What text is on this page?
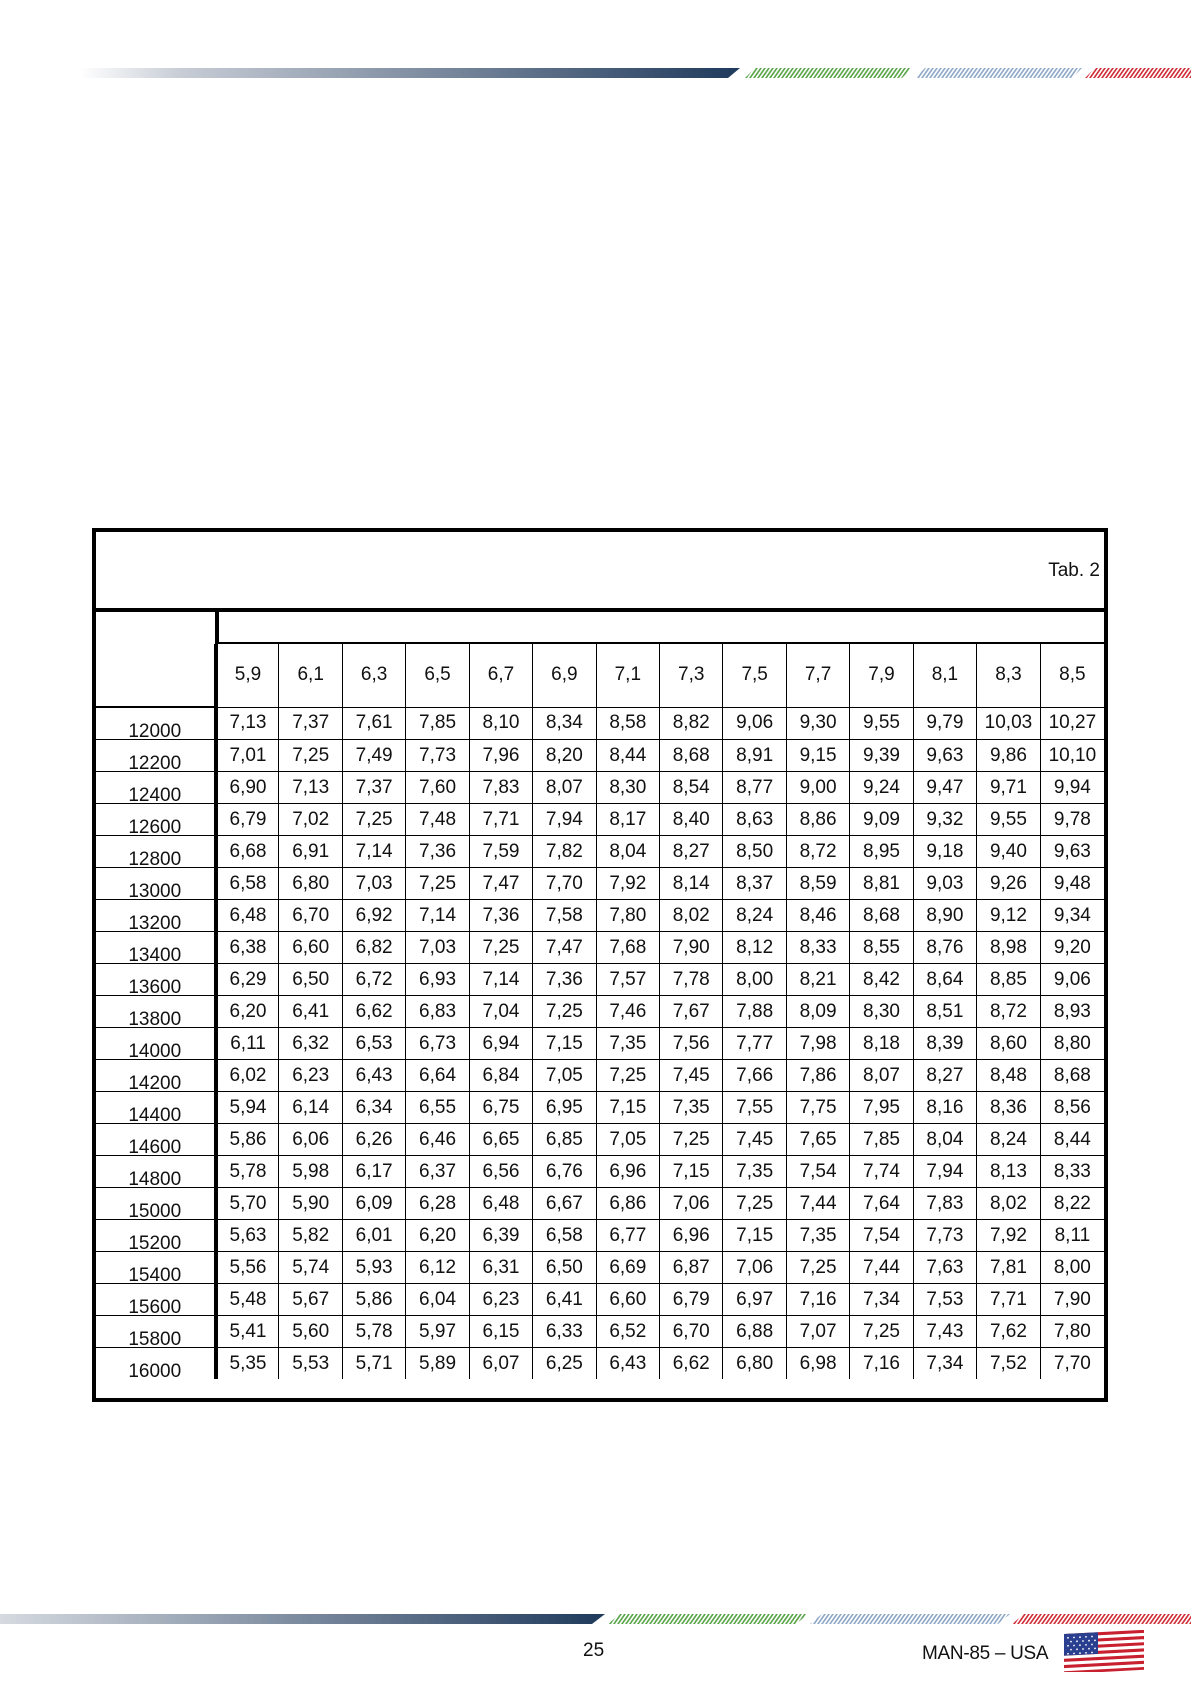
Tab. 2
	5,9	6,1	6,3	6,5	6,7	6,9	7,1	7,3	7,5	7,7	7,9	8,1	8,3	8,5
12000	7,13	7,37	7,61	7,85	8,10	8,34	8,58	8,82	9,06	9,30	9,55	9,79	10,03	10,27
12200	7,01	7,25	7,49	7,73	7,96	8,20	8,44	8,68	8,91	9,15	9,39	9,63	9,86	10,10
12400	6,90	7,13	7,37	7,60	7,83	8,07	8,30	8,54	8,77	9,00	9,24	9,47	9,71	9,94
12600	6,79	7,02	7,25	7,48	7,71	7,94	8,17	8,40	8,63	8,86	9,09	9,32	9,55	9,78
12800	6,68	6,91	7,14	7,36	7,59	7,82	8,04	8,27	8,50	8,72	8,95	9,18	9,40	9,63
13000	6,58	6,80	7,03	7,25	7,47	7,70	7,92	8,14	8,37	8,59	8,81	9,03	9,26	9,48
13200	6,48	6,70	6,92	7,14	7,36	7,58	7,80	8,02	8,24	8,46	8,68	8,90	9,12	9,34
13400	6,38	6,60	6,82	7,03	7,25	7,47	7,68	7,90	8,12	8,33	8,55	8,76	8,98	9,20
13600	6,29	6,50	6,72	6,93	7,14	7,36	7,57	7,78	8,00	8,21	8,42	8,64	8,85	9,06
13800	6,20	6,41	6,62	6,83	7,04	7,25	7,46	7,67	7,88	8,09	8,30	8,51	8,72	8,93
14000	6,11	6,32	6,53	6,73	6,94	7,15	7,35	7,56	7,77	7,98	8,18	8,39	8,60	8,80
14200	6,02	6,23	6,43	6,64	6,84	7,05	7,25	7,45	7,66	7,86	8,07	8,27	8,48	8,68
14400	5,94	6,14	6,34	6,55	6,75	6,95	7,15	7,35	7,55	7,75	7,95	8,16	8,36	8,56
14600	5,86	6,06	6,26	6,46	6,65	6,85	7,05	7,25	7,45	7,65	7,85	8,04	8,24	8,44
14800	5,78	5,98	6,17	6,37	6,56	6,76	6,96	7,15	7,35	7,54	7,74	7,94	8,13	8,33
15000	5,70	5,90	6,09	6,28	6,48	6,67	6,86	7,06	7,25	7,44	7,64	7,83	8,02	8,22
15200	5,63	5,82	6,01	6,20	6,39	6,58	6,77	6,96	7,15	7,35	7,54	7,73	7,92	8,11
15400	5,56	5,74	5,93	6,12	6,31	6,50	6,69	6,87	7,06	7,25	7,44	7,63	7,81	8,00
15600	5,48	5,67	5,86	6,04	6,23	6,41	6,60	6,79	6,97	7,16	7,34	7,53	7,71	7,90
15800	5,41	5,60	5,78	5,97	6,15	6,33	6,52	6,70	6,88	7,07	7,25	7,43	7,62	7,80
16000	5,35	5,53	5,71	5,89	6,07	6,25	6,43	6,62	6,80	6,98	7,16	7,34	7,52	7,70
25	MAN-85 – USA
